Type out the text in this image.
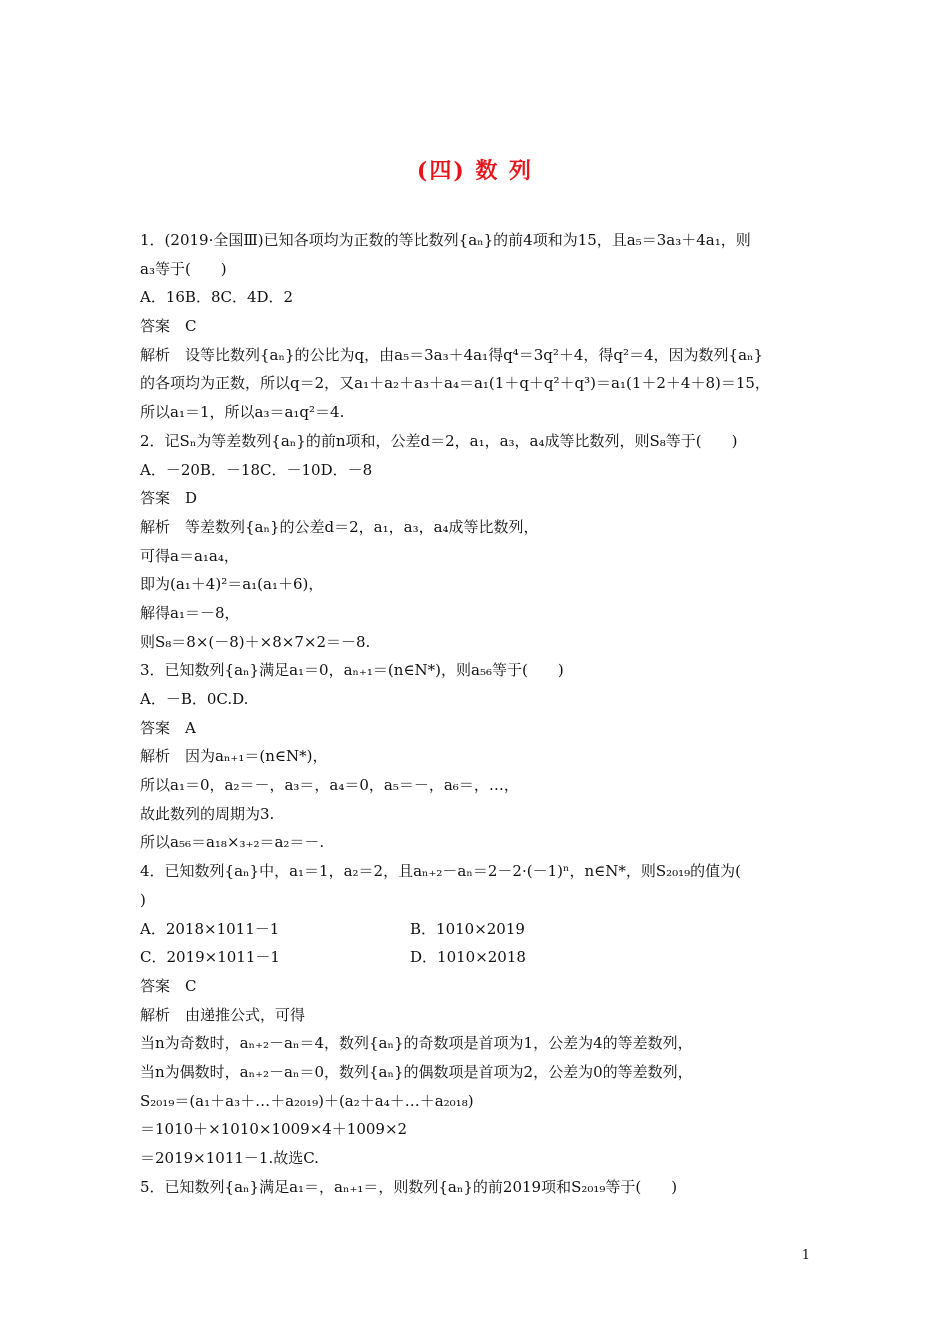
(四) 数 列
1．(2019·全国Ⅲ)已知各项均为正数的等比数列{aₙ}的前4项和为15，且a₅＝3a₃＋4a₁，则
a₃等于(　　)
A．16B．8C．4D．2
答案　C
解析　设等比数列{aₙ}的公比为q，由a₅＝3a₃＋4a₁得q⁴＝3q²＋4，得q²＝4，因为数列{aₙ}
的各项均为正数，所以q＝2，又a₁＋a₂＋a₃＋a₄＝a₁(1＋q＋q²＋q³)＝a₁(1＋2＋4＋8)＝15，
所以a₁＝1，所以a₃＝a₁q²＝4.
2．记Sₙ为等差数列{aₙ}的前n项和，公差d＝2，a₁，a₃，a₄成等比数列，则S₈等于(　　)
A．－20B．－18C．－10D．－8
答案　D
解析　等差数列{aₙ}的公差d＝2，a₁，a₃，a₄成等比数列，
可得a＝a₁a₄，
即为(a₁＋4)²＝a₁(a₁＋6)，
解得a₁＝－8，
则S₈＝8×(－8)＋×8×7×2＝－8.
3．已知数列{aₙ}满足a₁＝0，aₙ₊₁＝(n∈N*)，则a₅₆等于(　　)
A．－B．0C.D.
答案　A
解析　因为aₙ₊₁＝(n∈N*)，
所以a₁＝0，a₂＝－，a₃＝，a₄＝0，a₅＝－，a₆＝，…，
故此数列的周期为3.
所以a₅₆＝a₁₈×₃₊₂＝a₂＝－.
4．已知数列{aₙ}中，a₁＝1，a₂＝2，且aₙ₊₂－aₙ＝2－2·(－1)ⁿ，n∈N*，则S₂₀₁₉的值为(
)
A．2018×1011－1	B．1010×2019
C．2019×1011－1	D．1010×2018
答案　C
解析　由递推公式，可得
当n为奇数时，aₙ₊₂－aₙ＝4，数列{aₙ}的奇数项是首项为1，公差为4的等差数列，
当n为偶数时，aₙ₊₂－aₙ＝0，数列{aₙ}的偶数项是首项为2，公差为0的等差数列，
S₂₀₁₉＝(a₁＋a₃＋…＋a₂₀₁₉)＋(a₂＋a₄＋…＋a₂₀₁₈)
＝1010＋×1010×1009×4＋1009×2
＝2019×1011－1.故选C.
5．已知数列{aₙ}满足a₁＝，aₙ₊₁＝，则数列{aₙ}的前2019项和S₂₀₁₉等于(　　)
1
